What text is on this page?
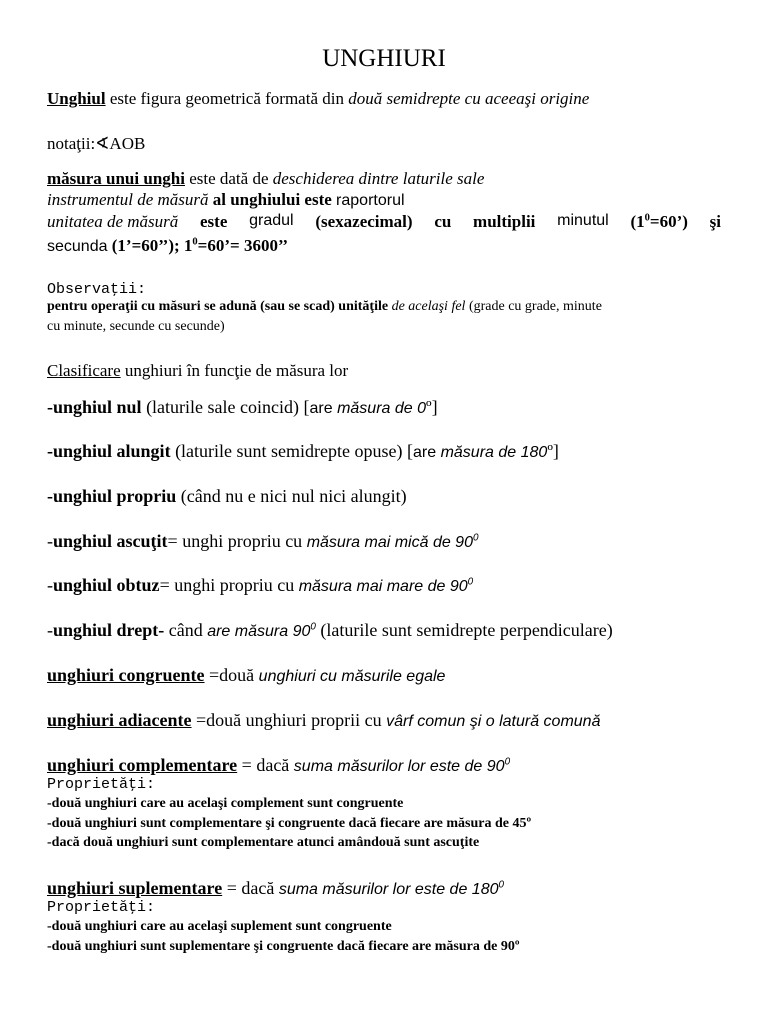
UNGHIURI
Unghiul este figura geometrică formată din două semidrepte cu aceeaşi origine
notaţii:∢AOB
măsura unui unghi este dată de deschiderea dintre laturile sale
instrumentul de măsură al unghiului este raportorul
unitatea de măsură este gradul (sexazecimal) cu multiplii minutul $(1^0=60’)$ şi
secunda (1’=60’’); $1^0=60’= 3600$’’
Observaţii:
pentru operaţii cu măsuri se adună (sau se scad) unităţile de acelaşi fel (grade cu grade, minute
cu minute, secunde cu secunde)
Clasificare unghiuri în funcţie de măsura lor
-unghiul nul (laturile sale coincid) [are măsura de 0º]
-unghiul alungit (laturile sunt semidrepte opuse) [are măsura de 180º]
-unghiul propriu (când nu e nici nul nici alungit)
-unghiul ascuţit= unghi propriu cu măsura mai mică de $90^0$
-unghiul obtuz= unghi propriu cu măsura mai mare de $90^0$
-unghiul drept- când are măsura $90^0$ (laturile sunt semidrepte perpendiculare)
unghiuri congruente =două unghiuri cu măsurile egale
unghiuri adiacente =două unghiuri proprii cu vârf comun şi o latură comună
unghiuri complementare = dacă suma măsurilor lor este de $90^0$
Proprietăţi:
-două unghiuri care au acelaşi complement sunt congruente
-două unghiuri sunt complementare şi congruente dacă fiecare are măsura de 45º
-dacă două unghiuri sunt complementare atunci amândouă sunt ascuţite
unghiuri suplementare = dacă suma măsurilor lor este de $180^0$
Proprietăţi:
-două unghiuri care au acelaşi suplement sunt congruente
-două unghiuri sunt suplementare şi congruente dacă fiecare are măsura de 90º
